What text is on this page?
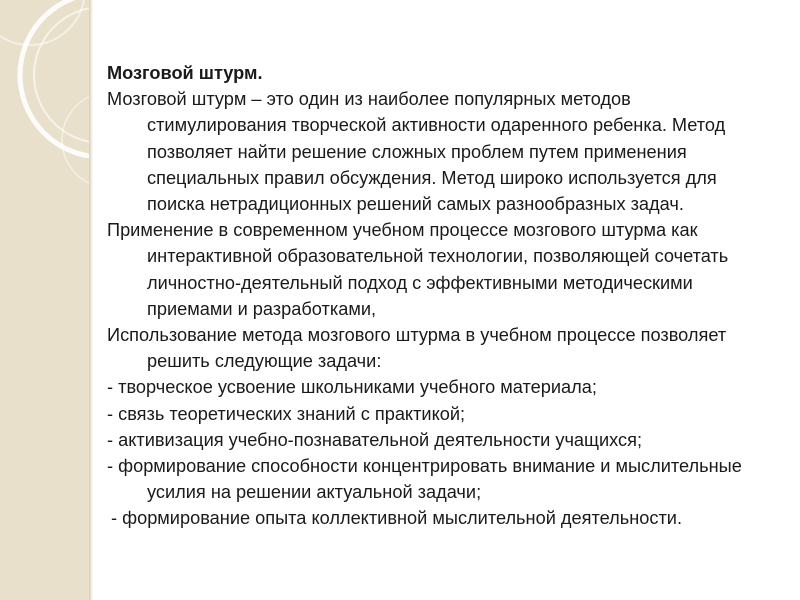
Мозговой штурм.

Мозговой штурм – это один из наиболее популярных методов стимулирования творческой активности одаренного ребенка. Метод позволяет найти решение сложных проблем путем применения специальных правил обсуждения. Метод широко используется для поиска нетрадиционных решений самых разнообразных задач.

Применение в современном учебном процессе мозгового штурма как интерактивной образовательной технологии, позволяющей сочетать личностно-деятельный подход с эффективными методическими приемами и разработками,

Использование метода мозгового штурма в учебном процессе позволяет решить следующие задачи:

- творческое усвоение школьниками учебного материала;

- связь теоретических знаний с практикой;

- активизация учебно-познавательной деятельности учащихся;

- формирование способности концентрировать внимание и мыслительные усилия на решении актуальной задачи;

- формирование опыта коллективной мыслительной деятельности.
